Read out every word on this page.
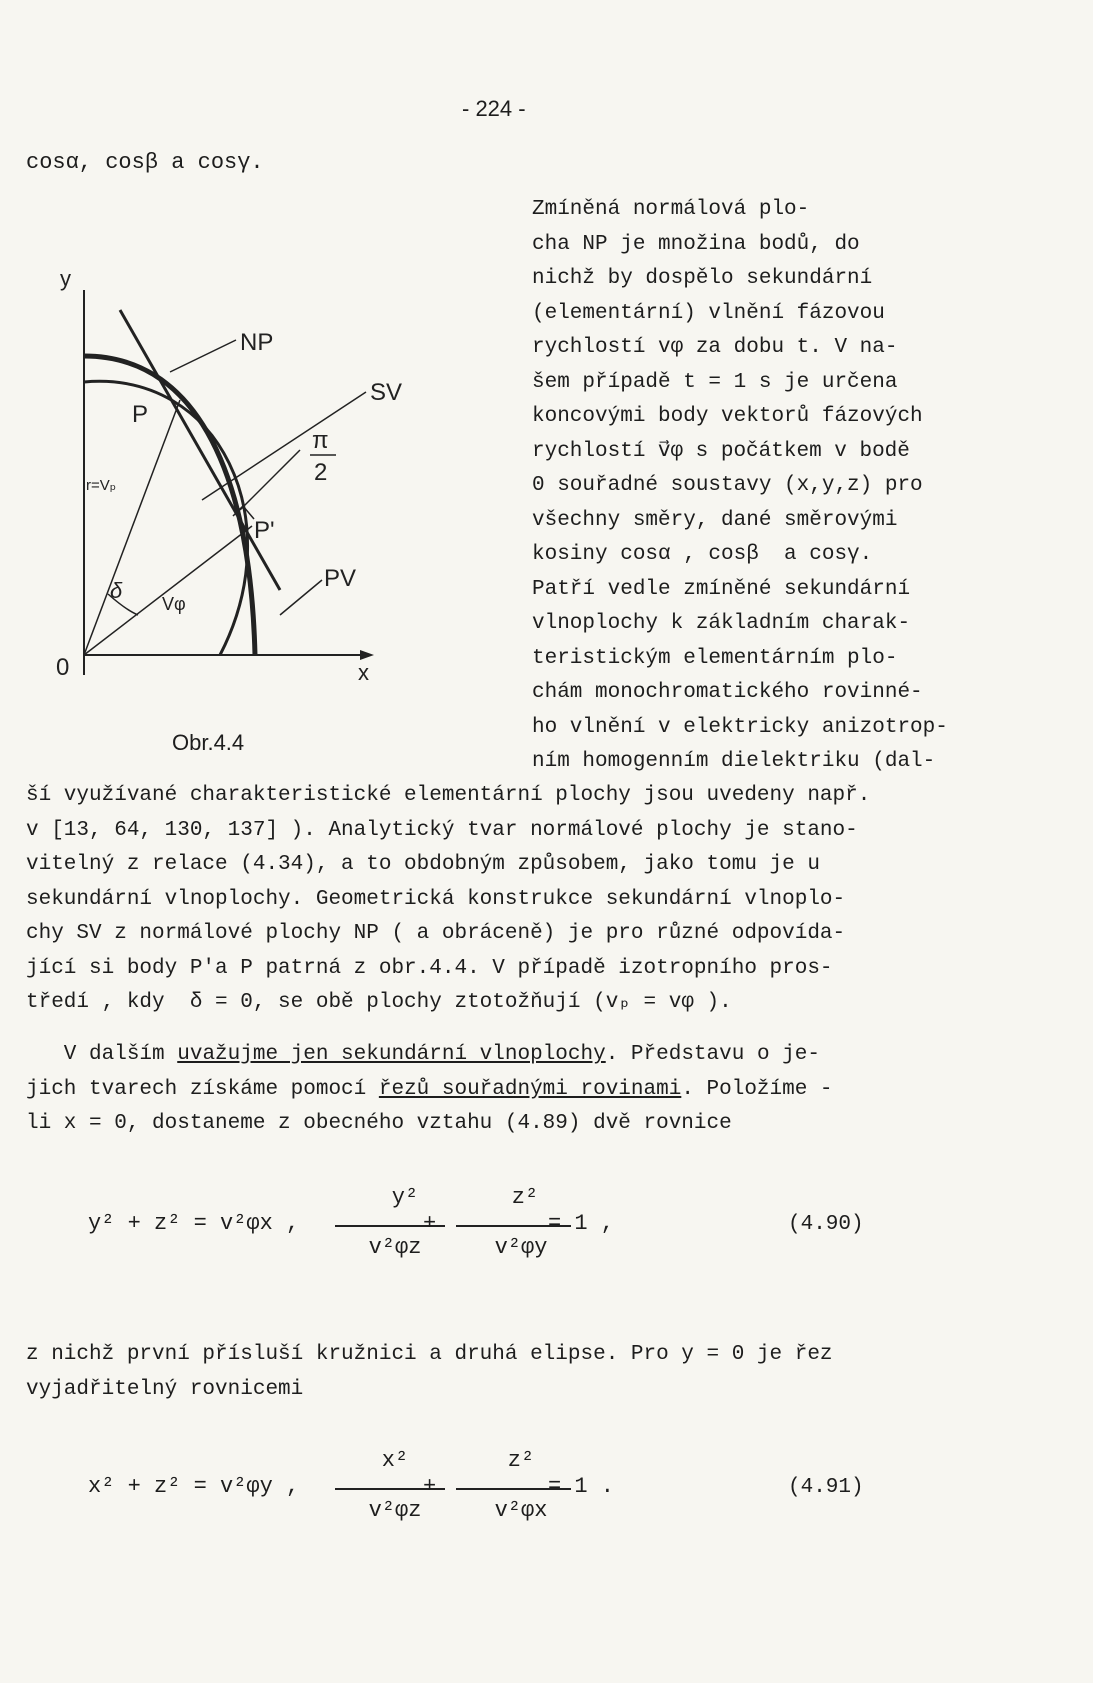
- 224 -
cosα, cosβ a cosγ.
Zmíněná normálová plo-
cha NP je množina bodů, do
nichž by dospělo sekundární
(elementární) vlnění fázovou
rychlostí vφ za dobu t. V na-
šem případě t = 1 s je určena
koncovými body vektorů fázových
rychlostí v⃗φ s počátkem v bodě
0 souřadné soustavy (x,y,z) pro
všechny směry, dané směrovými
kosiny cosα , cosβ  a cosγ.
Patří vedle zmíněné sekundární
vlnoplochy k základním charak-
teristickým elementárním plo-
chám monochromatického rovinné-
ho vlnění v elektricky anizotrop-
ním homogenním dielektriku (dal-
y
NP
SV
P
P'
r=Vₚ
π
2
PV
δ
Vφ
0	x
Obr.4.4
ší využívané charakteristické elementární plochy jsou uvedeny např.
v [13, 64, 130, 137] ). Analytický tvar normálové plochy je stano-
vitelný z relace (4.34), a to obdobným způsobem, jako tomu je u
sekundární vlnoplochy. Geometrická konstrukce sekundární vlnoplo-
chy SV z normálové plochy NP ( a obráceně) je pro různé odpovída-
jící si body P'a P patrná z obr.4.4. V případě izotropního pros-
tředí , kdy  δ = 0, se obě plochy ztotožňují (vₚ = vφ ).
V dalším uvažujme jen sekundární vlnoplochy. Představu o je-
jich tvarech získáme pomocí řezů souřadnými rovinami. Položíme -
li x = 0, dostaneme z obecného vztahu (4.89) dvě rovnice
y² + z² = v²φx ,
y²
v²φz
+
z²
v²φy
= 1 ,	(4.90)
z nichž první přísluší kružnici a druhá elipse. Pro y = 0 je řez
vyjadřitelný rovnicemi
x² + z² = v²φy ,
x²
v²φz
+
z²
v²φx
= 1 .	(4.91)
